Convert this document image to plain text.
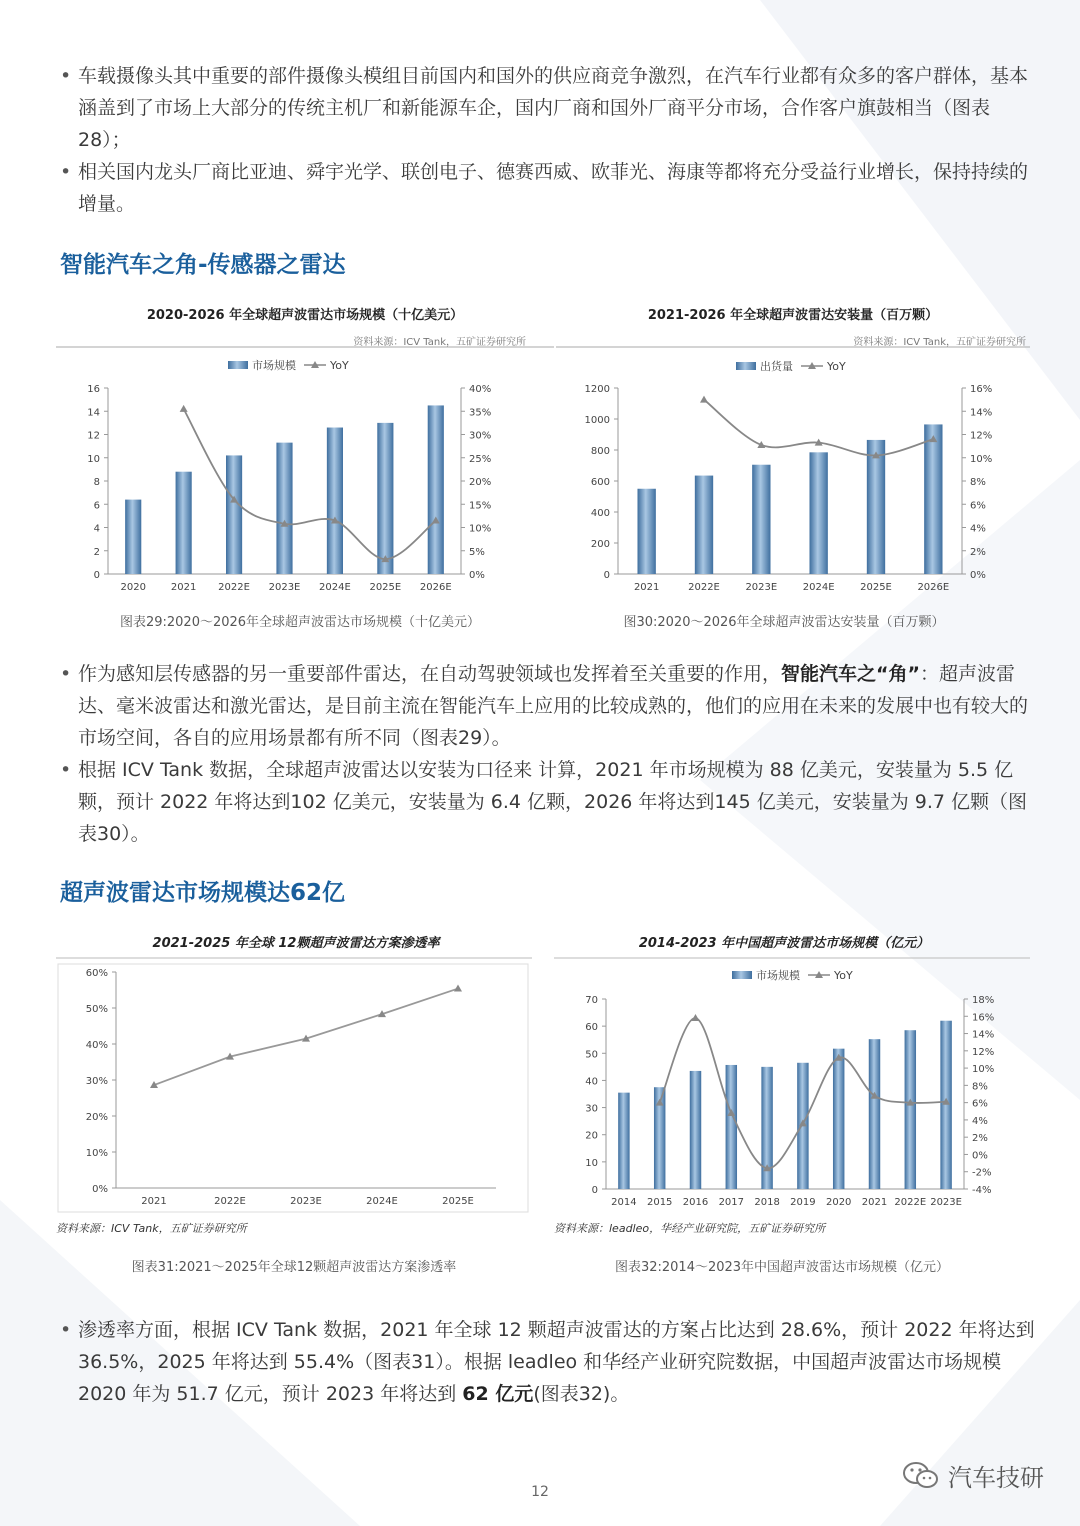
• 车载摄像头其中重要的部件摄像头模组目前国内和国外的供应商竞争激烈，在汽车行业都有众多的客户群体，基本涵盖到了市场上大部分的传统主机厂和新能源车企，国内厂商和国外厂商平分市场，合作客户旗鼓相当（图表28）；
• 相关国内龙头厂商比亚迪、舜宇光学、联创电子、德赛西威、欧菲光、海康等都将充分受益行业增长，保持持续的增量。
智能汽车之角-传感器之雷达
2020-2026 年全球超声波雷达市场规模（十亿美元）
市场规模	YoY
0
2
4
6
8
10
12
14
16
0%
5%
10%
15%
20%
25%
30%
35%
40%
2020 2021 2022E 2023E 2024E 2025E 2026E
资料来源：ICV Tank，五矿证券研究所
2021-2026 年全球超声波雷达安装量（百万颗）
出货量	YoY
0
200
400
600
800
1000
1200
0%
2%
4%
6%
8%
10%
12%
14%
16%
2021	2022E	2023E	2024E	2025E	2026E
资料来源：ICV Tank，五矿证券研究所
图表29:2020～2026年全球超声波雷达市场规模（十亿美元）	图30:2020～2026年全球超声波雷达安装量（百万颗）
• 作为感知层传感器的另一重要部件雷达，在自动驾驶领域也发挥着至关重要的作用，智能汽车之“角”：超声波雷达、毫米波雷达和激光雷达，是目前主流在智能汽车上应用的比较成熟的，他们的应用在未来的发展中也有较大的市场空间，各自的应用场景都有所不同（图表29）。
• 根据 ICV Tank 数据，全球超声波雷达以安装为口径来 计算，2021 年市场规模为 88 亿美元，安装量为 5.5 亿颗，预计 2022 年将达到102 亿美元，安装量为 6.4 亿颗，2026 年将达到145 亿美元，安装量为 9.7 亿颗（图表30）。
超声波雷达市场规模达62亿
2021-2025 年全球 12颗超声波雷达方案渗透率
0%
10%
20%
30%
40%
50%
60%
2021	2022E	2023E	2024E	2025E
资料来源：ICV Tank，五矿证券研究所
2014-2023 年中国超声波雷达市场规模（亿元）
市场规模	YoY
0
10
20
30
40
50
60
70
-4%
-2%
0%
2%
4%
6%
8%
10%
12%
14%
16%
18%
2014 2015 2016 2017 2018 2019 2020 2021 2022E 2023E
资料来源：leadleo，华经产业研究院，五矿证券研究所
图表31:2021～2025年全球12颗超声波雷达方案渗透率	图表32:2014～2023年中国超声波雷达市场规模（亿元）
• 渗透率方面，根据 ICV Tank 数据，2021 年全球 12 颗超声波雷达的方案占比达到 28.6%，预计 2022 年将达到 36.5%，2025 年将达到 55.4%（图表31）。根据 leadleo 和华经产业研究院数据，中国超声波雷达市场规模 2020 年为 51.7 亿元，预计 2023 年将达到 62 亿元(图表32)。
12	汽车技研
